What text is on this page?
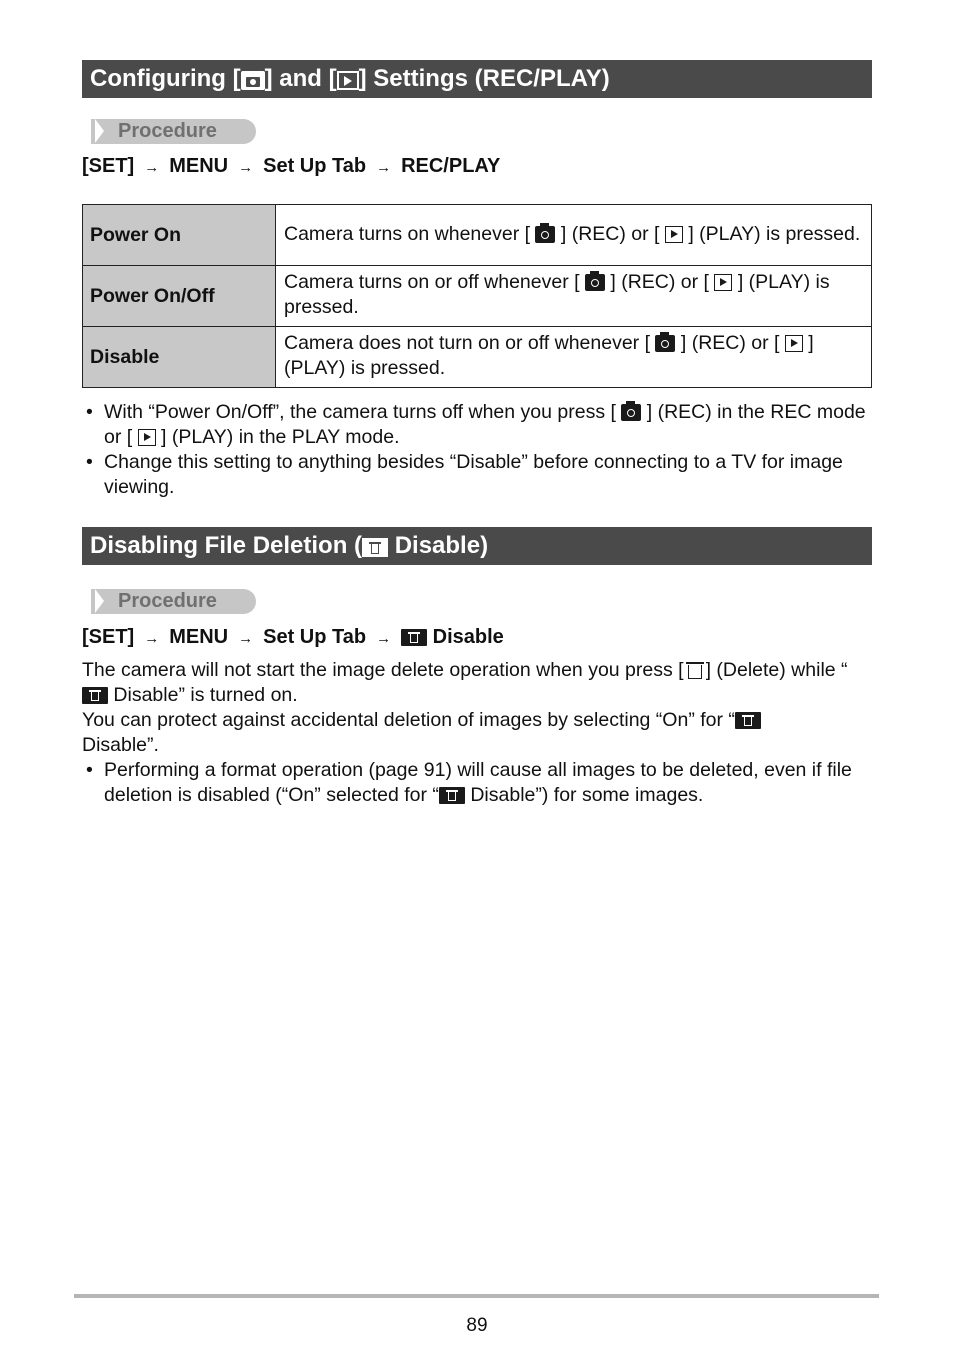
Configuring [ ] and [ ] Settings (REC/PLAY)
Procedure
[SET] → MENU → Set Up Tab → REC/PLAY
Power On	Camera turns on whenever [ ] (REC) or [ ] (PLAY) is pressed.
Power On/Off	Camera turns on or off whenever [ ] (REC) or [ ] (PLAY) is pressed.
Disable	Camera does not turn on or off whenever [ ] (REC) or [ ] (PLAY) is pressed.
• With “Power On/Off”, the camera turns off when you press [ ] (REC) in the REC mode or [ ] (PLAY) in the PLAY mode.
• Change this setting to anything besides “Disable” before connecting to a TV for image viewing.
Disabling File Deletion ( Disable)
Procedure
[SET] → MENU → Set Up Tab → Disable
The camera will not start the image delete operation when you press [ ] (Delete) while “ Disable” is turned on.
You can protect against accidental deletion of images by selecting “On” for “ Disable”.
• Performing a format operation (page 91) will cause all images to be deleted, even if file deletion is disabled (“On” selected for “ Disable”) for some images.
89
